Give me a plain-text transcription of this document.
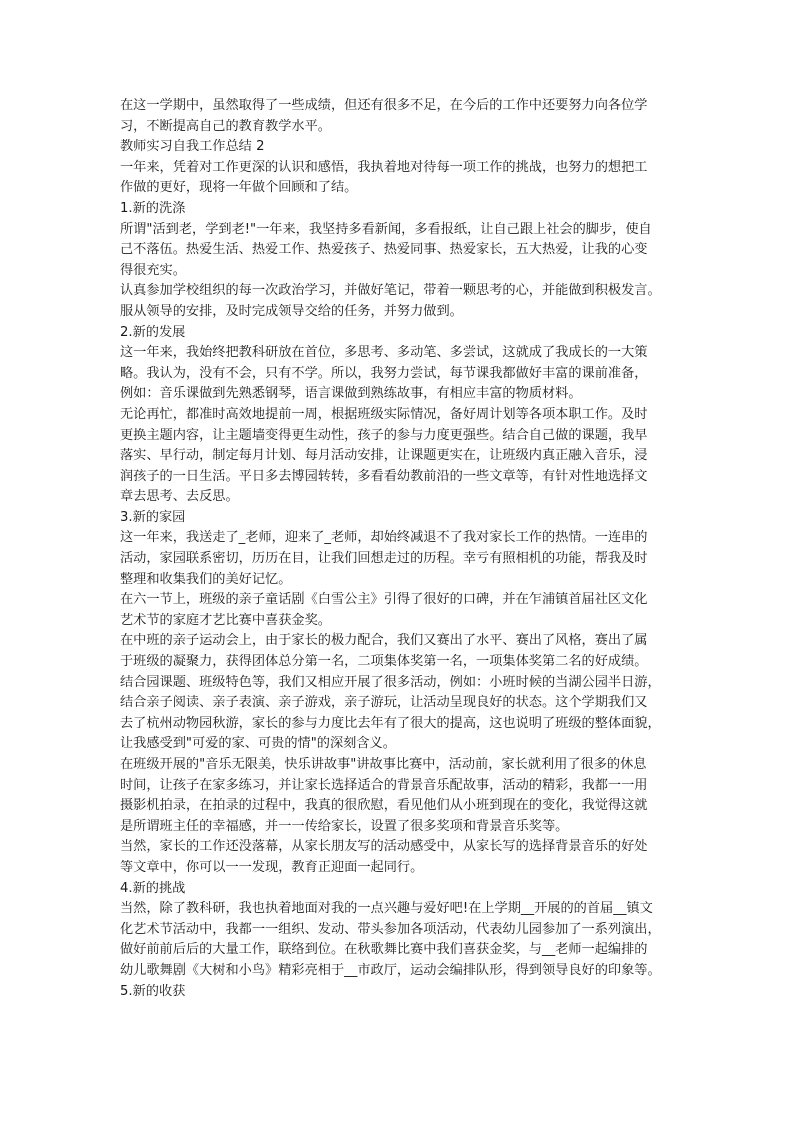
在这一学期中，虽然取得了一些成绩，但还有很多不足，在今后的工作中还要努力向各位学
习，不断提高自己的教育教学水平。
教师实习自我工作总结 2
一年来，凭着对工作更深的认识和感悟，我执着地对待每一项工作的挑战，也努力的想把工
作做的更好，现将一年做个回顾和了结。
1.新的洗涤
所谓"活到老，学到老!"一年来，我坚持多看新闻，多看报纸，让自己跟上社会的脚步，使自
己不落伍。热爱生活、热爱工作、热爱孩子、热爱同事、热爱家长，五大热爱，让我的心变
得很充实。
认真参加学校组织的每一次政治学习，并做好笔记，带着一颗思考的心，并能做到积极发言。
服从领导的安排，及时完成领导交给的任务，并努力做到。
2.新的发展
这一年来，我始终把教科研放在首位，多思考、多动笔、多尝试，这就成了我成长的一大策
略。我认为，没有不会，只有不学。所以，我努力尝试，每节课我都做好丰富的课前准备，
例如：音乐课做到先熟悉钢琴，语言课做到熟练故事，有相应丰富的物质材料。
无论再忙，都准时高效地提前一周，根据班级实际情况，备好周计划等各项本职工作。及时
更换主题内容，让主题墙变得更生动性，孩子的参与力度更强些。结合自己做的课题，我早
落实、早行动，制定每月计划、每月活动安排，让课题更实在，让班级内真正融入音乐，浸
润孩子的一日生活。平日多去博园转转，多看看幼教前沿的一些文章等，有针对性地选择文
章去思考、去反思。
3.新的家园
这一年来，我送走了_老师，迎来了_老师，却始终减退不了我对家长工作的热情。一连串的
活动，家园联系密切，历历在目，让我们回想走过的历程。幸亏有照相机的功能，帮我及时
整理和收集我们的美好记忆。
在六一节上，班级的亲子童话剧《白雪公主》引得了很好的口碑，并在乍浦镇首届社区文化
艺术节的家庭才艺比赛中喜获金奖。
在中班的亲子运动会上，由于家长的极力配合，我们又赛出了水平、赛出了风格，赛出了属
于班级的凝聚力，获得团体总分第一名，二项集体奖第一名，一项集体奖第二名的好成绩。
结合园课题、班级特色等，我们又相应开展了很多活动，例如：小班时候的当湖公园半日游，
结合亲子阅读、亲子表演、亲子游戏，亲子游玩，让活动呈现良好的状态。这个学期我们又
去了杭州动物园秋游，家长的参与力度比去年有了很大的提高，这也说明了班级的整体面貌，
让我感受到"可爱的家、可贵的情"的深刻含义。
在班级开展的"音乐无限美，快乐讲故事"讲故事比赛中，活动前，家长就利用了很多的休息
时间，让孩子在家多练习，并让家长选择适合的背景音乐配故事，活动的精彩，我都一一用
摄影机拍录，在拍录的过程中，我真的很欣慰，看见他们从小班到现在的变化，我觉得这就
是所谓班主任的幸福感，并一一传给家长，设置了很多奖项和背景音乐奖等。
当然，家长的工作还没落幕，从家长朋友写的活动感受中，从家长写的选择背景音乐的好处
等文章中，你可以一一发现，教育正迎面一起同行。
4.新的挑战
当然，除了教科研，我也执着地面对我的一点兴趣与爱好吧!在上学期__开展的的首届__镇文
化艺术节活动中，我都一一组织、发动、带头参加各项活动，代表幼儿园参加了一系列演出，
做好前前后后的大量工作，联络到位。在秋歌舞比赛中我们喜获金奖，与__老师一起编排的
幼儿歌舞剧《大树和小鸟》精彩亮相于__市政厅，运动会编排队形，得到领导良好的印象等。
5.新的收获
